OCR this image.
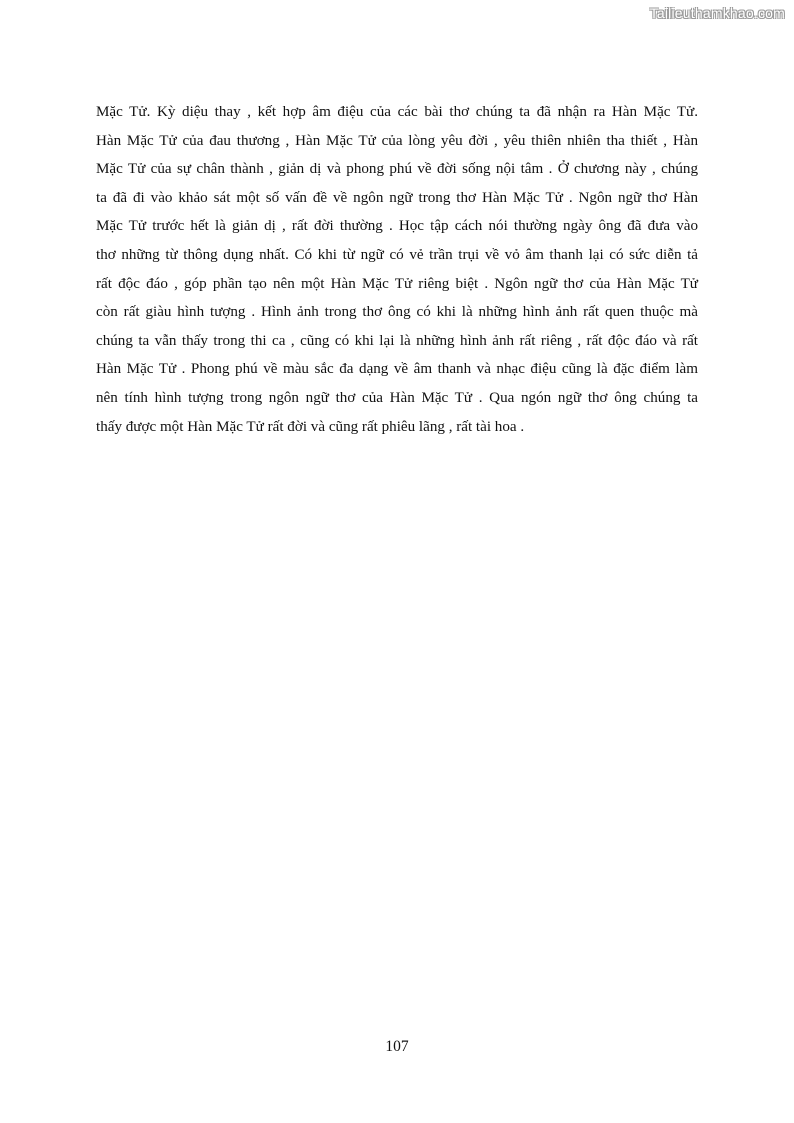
Tailieuthamkhao.com
Mặc Tử. Kỳ diệu thay , kết hợp âm điệu của các bài thơ chúng ta đã nhận ra Hàn Mặc Tử.
Hàn Mặc Tử của đau thương , Hàn Mặc Tử của lòng yêu đời , yêu thiên nhiên tha thiết , Hàn
Mặc Tử của sự chân thành , giản dị và phong phú về đời sống nội tâm . Ở chương này , chúng
ta đã đi vào khảo sát một số vấn đề về ngôn ngữ trong thơ Hàn Mặc Tử . Ngôn ngữ thơ Hàn
Mặc Tử trước hết là giản dị , rất đời thường . Học tập cách nói thường ngày ông đã đưa vào
thơ những từ thông dụng nhất. Có khi từ ngữ có vẻ trần trụi về vỏ âm thanh lại có sức diễn tả
rất độc đáo , góp phần tạo nên một Hàn Mặc Tử riêng biệt . Ngôn ngữ thơ của Hàn Mặc Tử
còn rất giàu hình tượng . Hình ảnh trong thơ ông có khi là những hình ảnh rất quen thuộc mà
chúng ta vẫn thấy trong thi ca , cũng có khi lại là những hình ảnh rất riêng , rất độc đáo và rất
Hàn Mặc Tử . Phong phú về màu sắc đa dạng về âm thanh và nhạc điệu cũng là đặc điểm làm
nên tính hình tượng trong ngôn ngữ thơ của Hàn Mặc Tử . Qua ngón ngữ thơ ông chúng ta
thấy được một Hàn Mặc Tử rất đời và cũng rất phiêu lãng , rất tài hoa .
107
